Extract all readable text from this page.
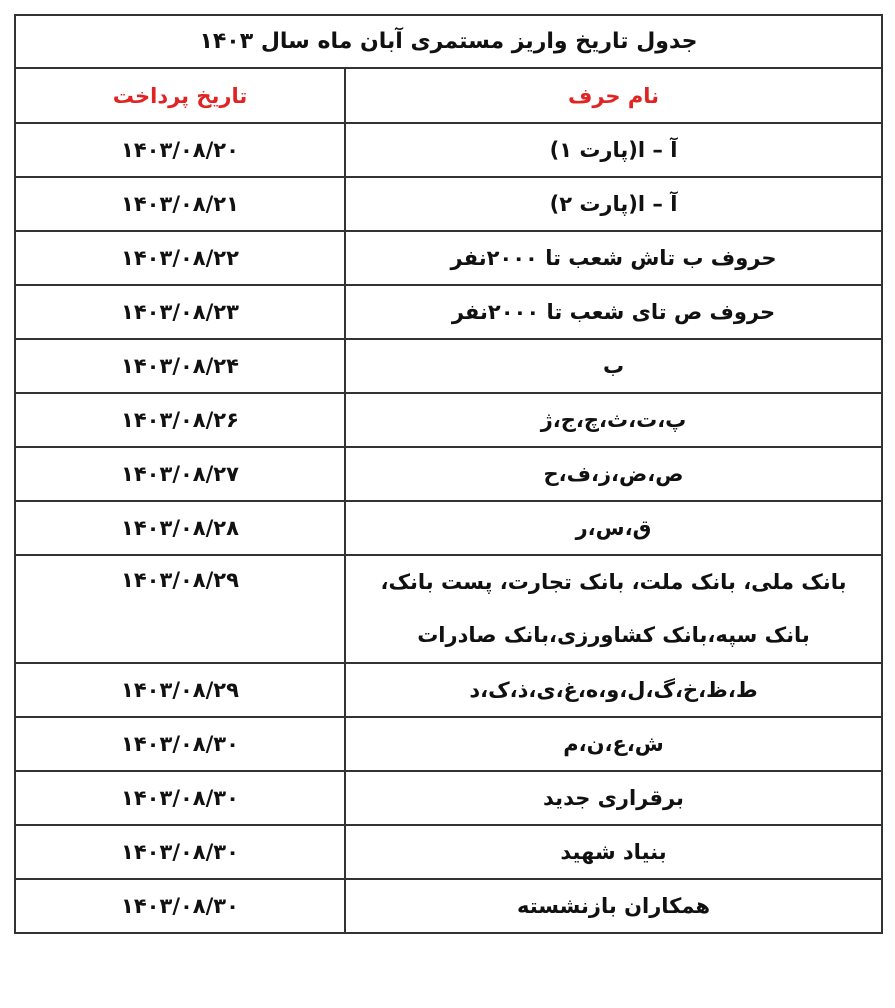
جدول تاریخ واریز مستمری آبان ماه سال ۱۴۰۳	
نام حرف	تاریخ پرداخت
آ – ا(پارت ۱)	۱۴۰۳/۰۸/۲۰
آ – ا(پارت ۲)	۱۴۰۳/۰۸/۲۱
حروف ب تاش شعب تا ۲۰۰۰نفر	۱۴۰۳/۰۸/۲۲
حروف ص تای شعب تا ۲۰۰۰نفر	۱۴۰۳/۰۸/۲۳
ب	۱۴۰۳/۰۸/۲۴
پ،ت،ث،چ،ج،ژ	۱۴۰۳/۰۸/۲۶
ص،ض،ز،ف،ح	۱۴۰۳/۰۸/۲۷
ق،س،ر	۱۴۰۳/۰۸/۲۸
بانک ملی، بانک ملت، بانک تجارت، پست بانک، بانک سپه،بانک کشاورزی،بانک صادرات	۱۴۰۳/۰۸/۲۹
ط،ظ،خ،گ،ل،و،ه،غ،ی،ذ،ک،د	۱۴۰۳/۰۸/۲۹
ش،ع،ن،م	۱۴۰۳/۰۸/۳۰
برقراری جدید	۱۴۰۳/۰۸/۳۰
بنیاد شهید	۱۴۰۳/۰۸/۳۰
همکاران بازنشسته	۱۴۰۳/۰۸/۳۰
